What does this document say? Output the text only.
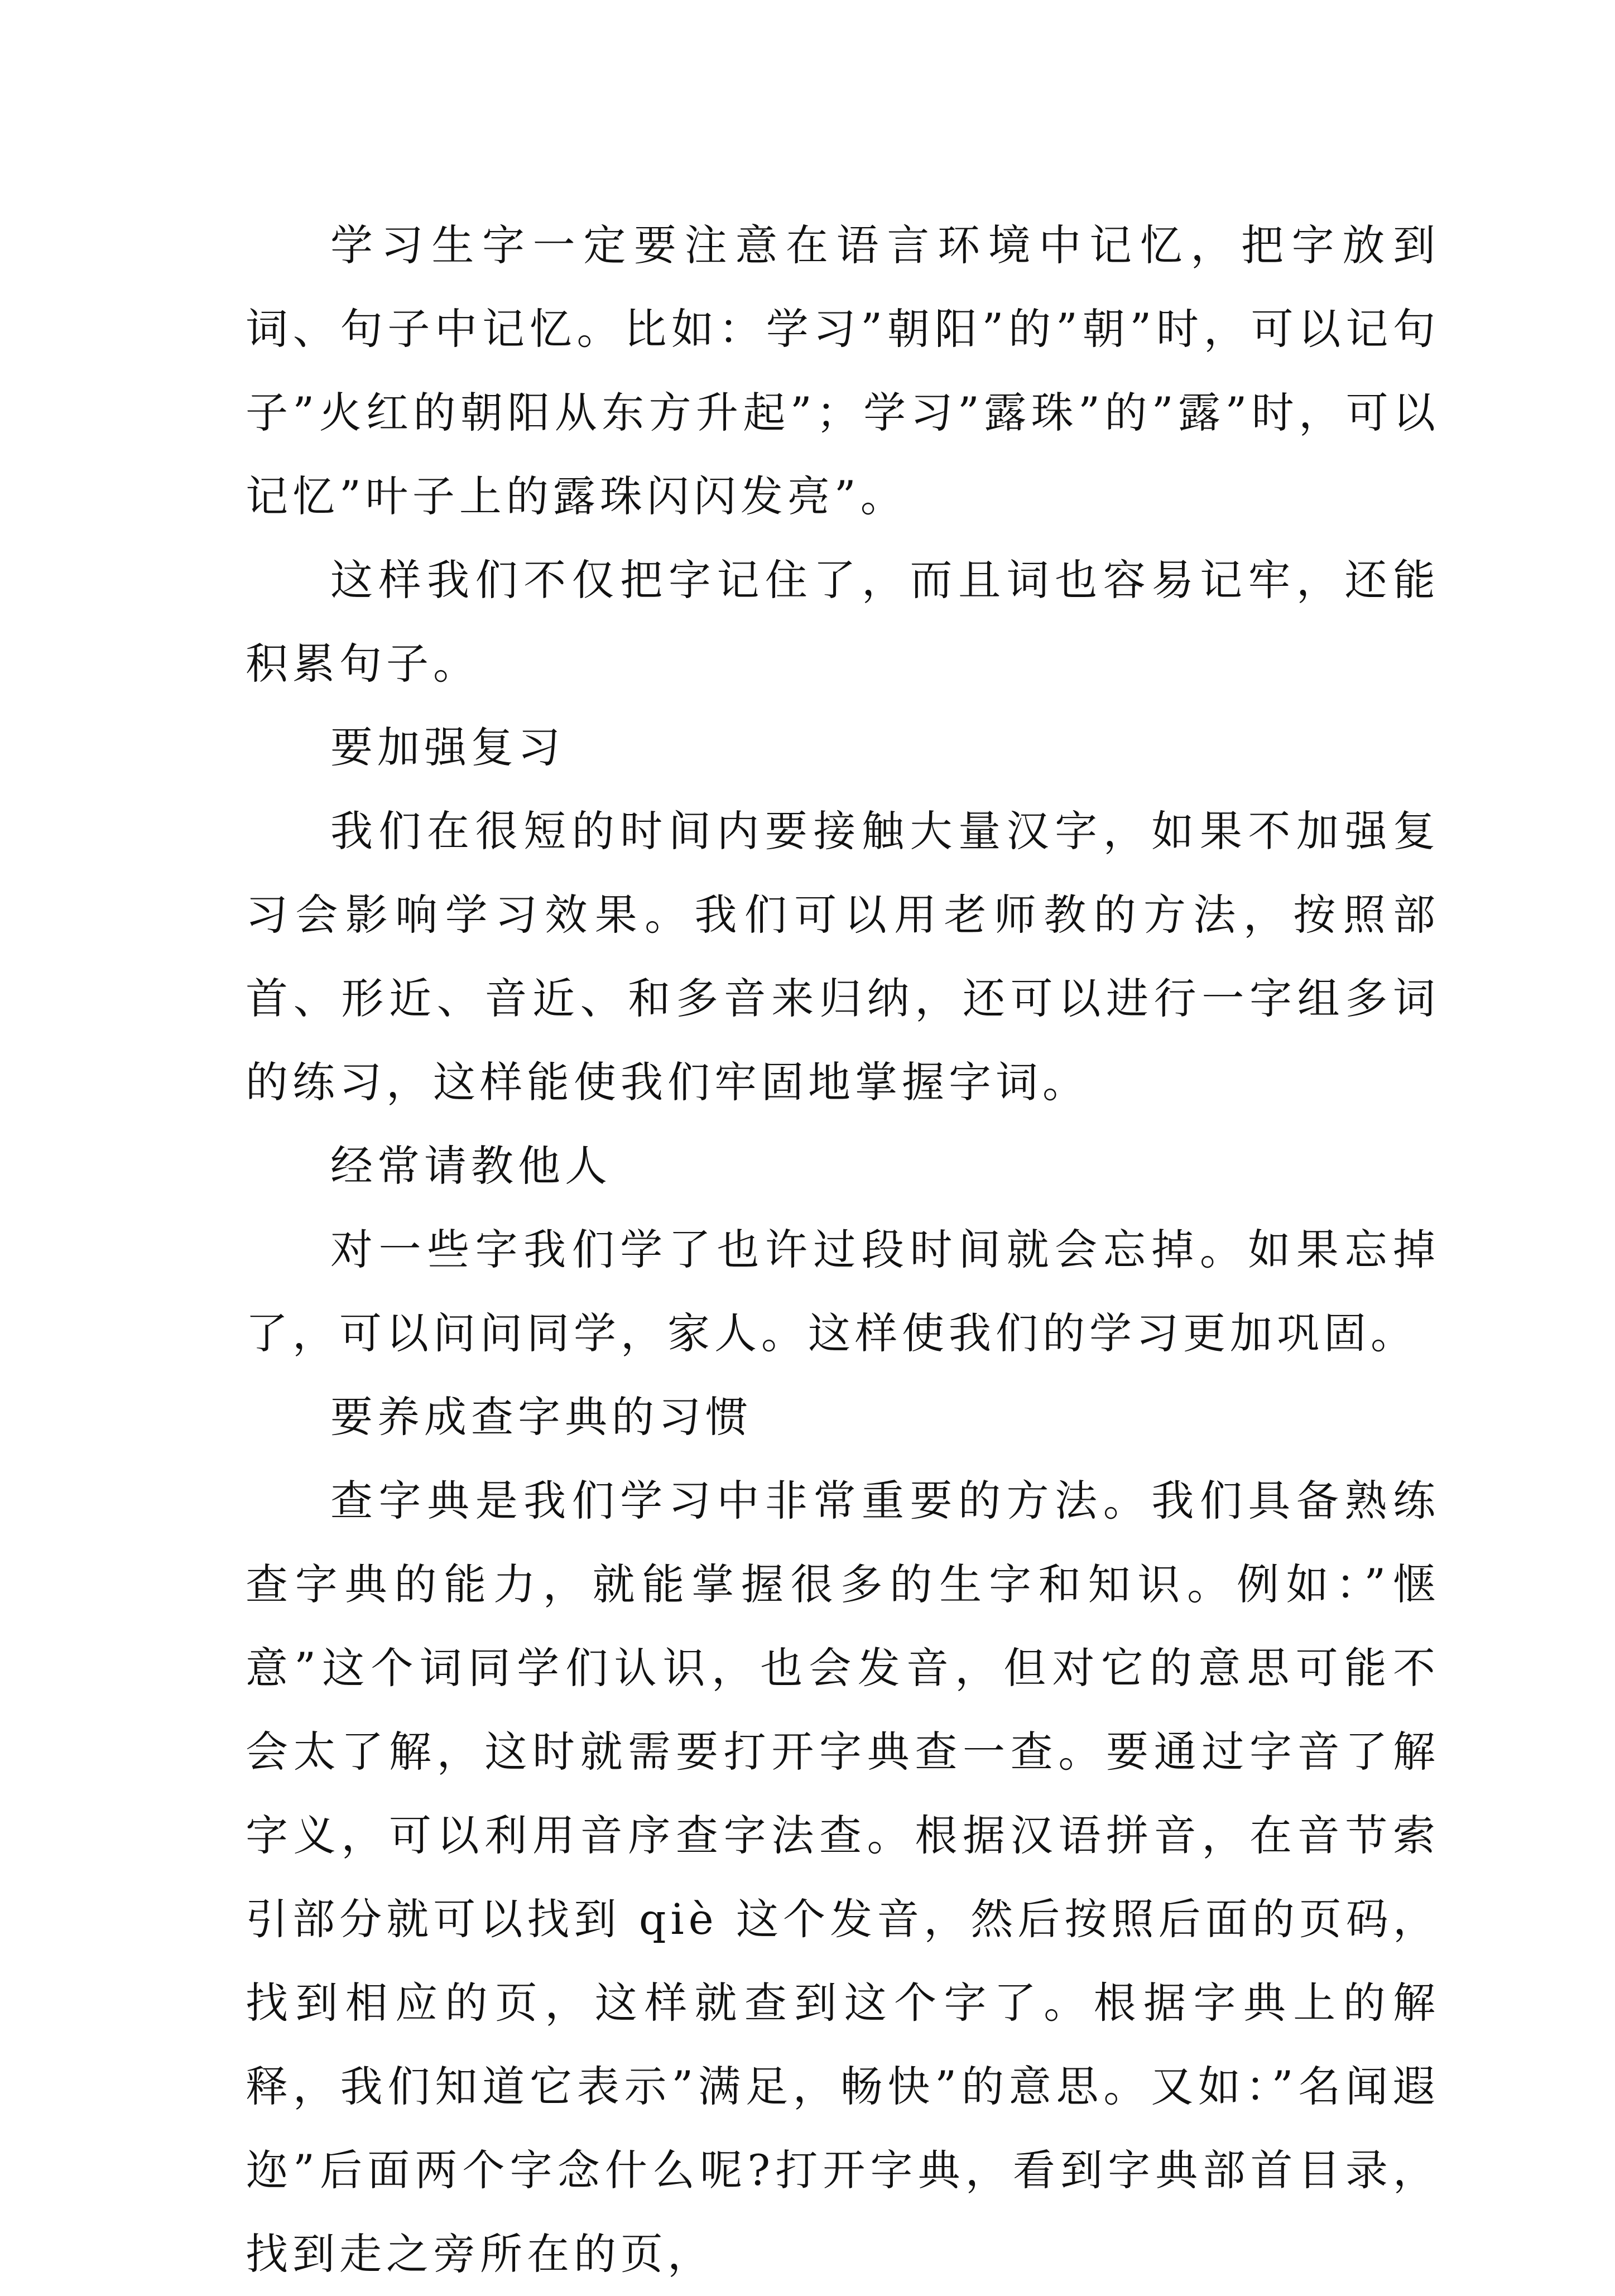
学习生字一定要注意在语言环境中记忆，把字放到词、句子中记忆。比如：学习”朝阳”的”朝”时，可以记句子”火红的朝阳从东方升起”；学习”露珠”的”露”时，可以记忆”叶子上的露珠闪闪发亮”。

这样我们不仅把字记住了，而且词也容易记牢，还能积累句子。

要加强复习

我们在很短的时间内要接触大量汉字，如果不加强复习会影响学习效果。我们可以用老师教的方法，按照部首、形近、音近、和多音来归纳，还可以进行一字组多词的练习，这样能使我们牢固地掌握字词。

经常请教他人

对一些字我们学了也许过段时间就会忘掉。如果忘掉了，可以问问同学，家人。这样使我们的学习更加巩固。

要养成查字典的习惯

查字典是我们学习中非常重要的方法。我们具备熟练查字典的能力，就能掌握很多的生字和知识。例如：”惬意”这个词同学们认识，也会发音，但对它的意思可能不会太了解，这时就需要打开字典查一查。要通过字音了解字义，可以利用音序查字法查。根据汉语拼音，在音节索引部分就可以找到 qiè 这个发音，然后按照后面的页码，找到相应的页，这样就查到这个字了。根据字典上的解释，我们知道它表示”满足，畅快”的意思。又如：”名闻遐迩”后面两个字念什么呢?打开字典，看到字典部首目录，找到走之旁所在的页，
